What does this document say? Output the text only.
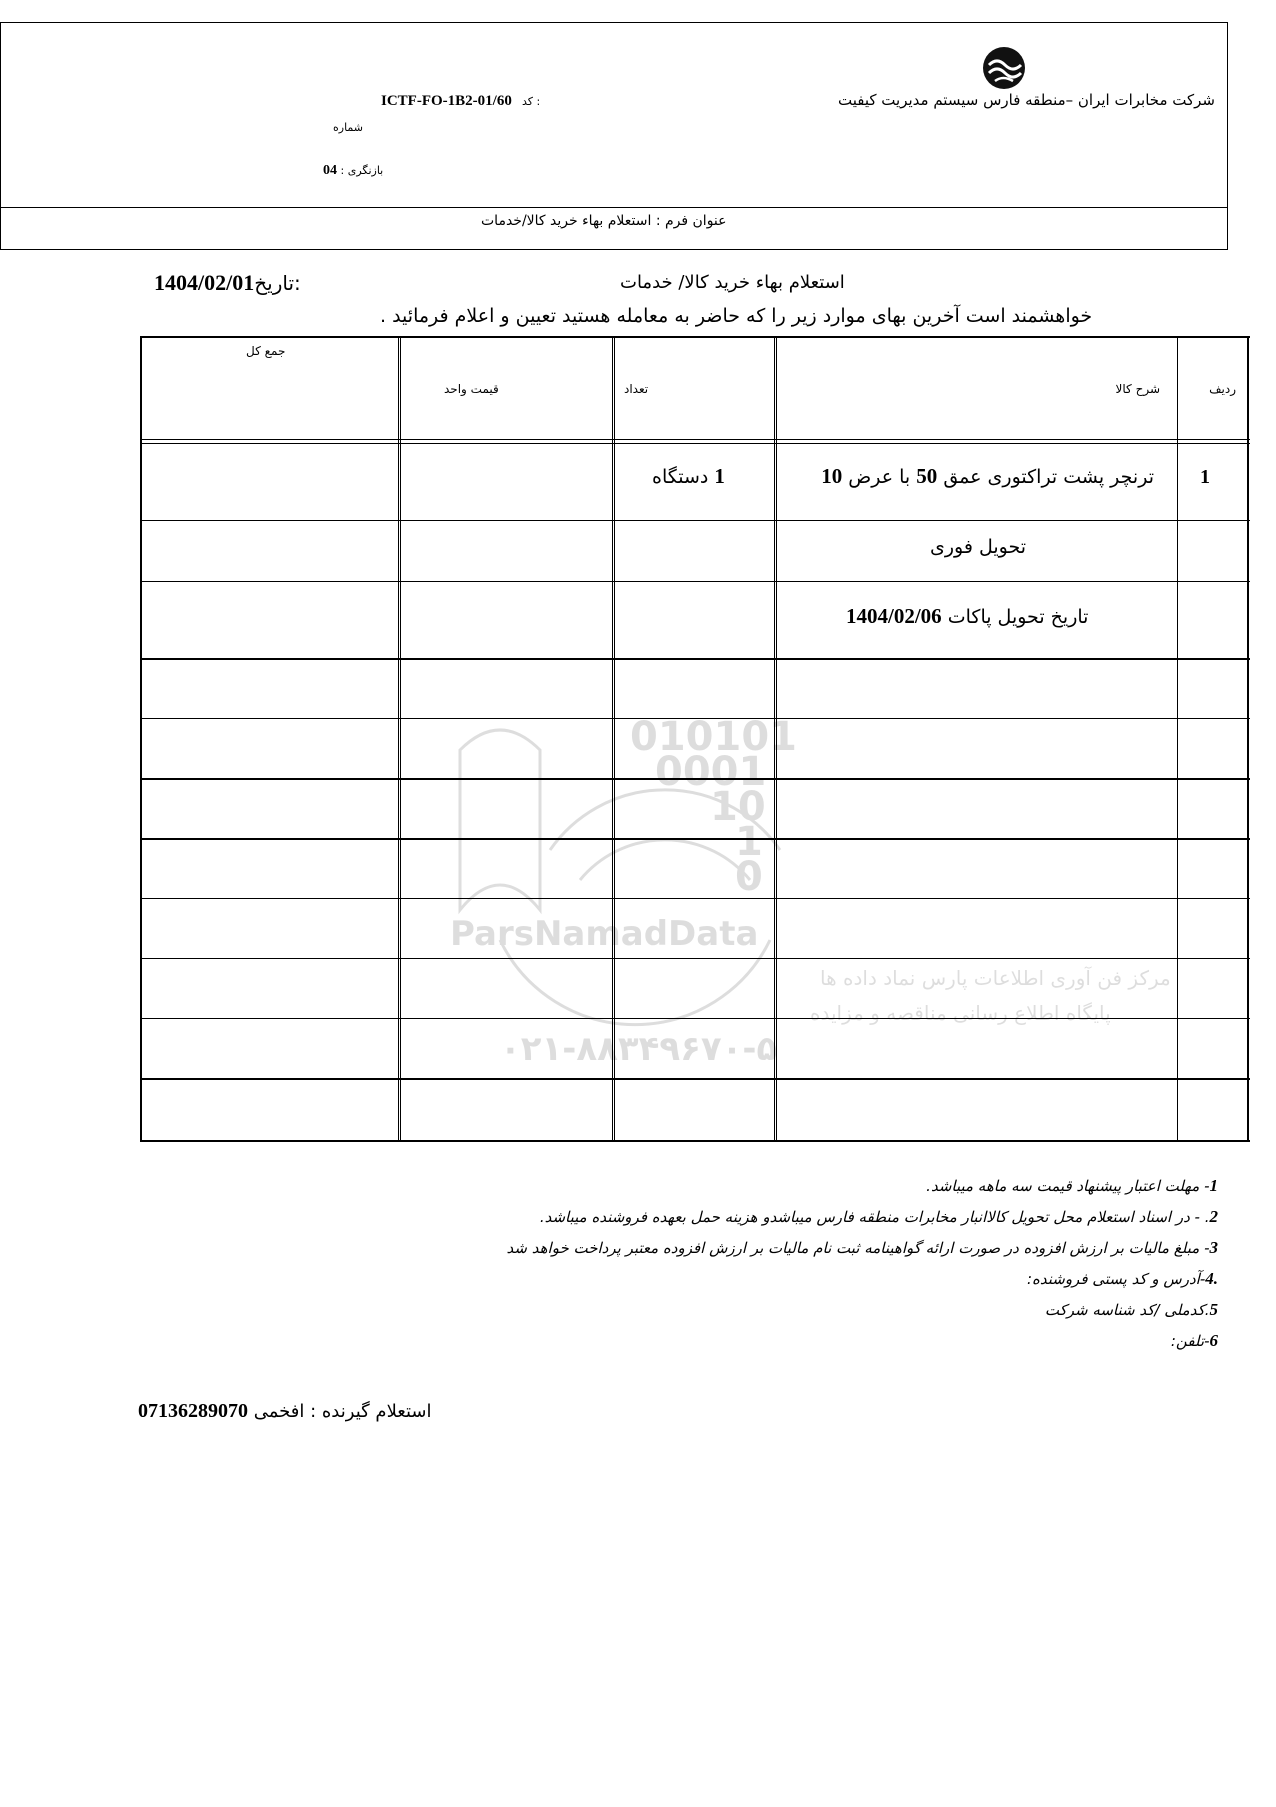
شرکت مخابرات ایران –منطقه فارس سیستم مدیریت کیفیت
ICTF-FO-1B2-01/60 کد :
شماره
بازنگری : 04
عنوان فرم : استعلام بهاء خرید کالا/خدمات
استعلام بهاء خرید کالا/ خدمات
1404/02/01تاریخ:
خواهشمند است آخرین بهای موارد زیر را که حاضر به معامله هستید تعیین و اعلام فرمائید .
010101
0001
10
1
0
ParsNamadData
مرکز فن آوری اطلاعات پارس نماد داده ها
پایگاه اطلاع رسانی مناقصه و مزایده
۰۲۱-۸۸۳۴۹۶۷۰-۵
ردیف
شرح کالا
تعداد
قیمت واحد
جمع کل
1
ترنچر پشت تراکتوری عمق 50 با عرض 10
1 دستگاه
تحویل فوری
تاریخ تحویل پاکات 1404/02/06
1- مهلت اعتبار پیشنهاد قیمت سه ماهه میباشد.
2. - در اسناد استعلام محل تحویل کالاانبار مخابرات منطقه فارس میباشدو هزینه حمل بعهده فروشنده میباشد.
3- مبلغ مالیات بر ارزش افزوده در صورت ارائه گواهینامه ثبت نام مالیات بر ارزش افزوده معتبر پرداخت خواهد شد
.4-آدرس و کد پستی فروشنده:
5.کدملی /کد شناسه شرکت
6-تلفن:
07136289070 استعلام گیرنده : افخمی
